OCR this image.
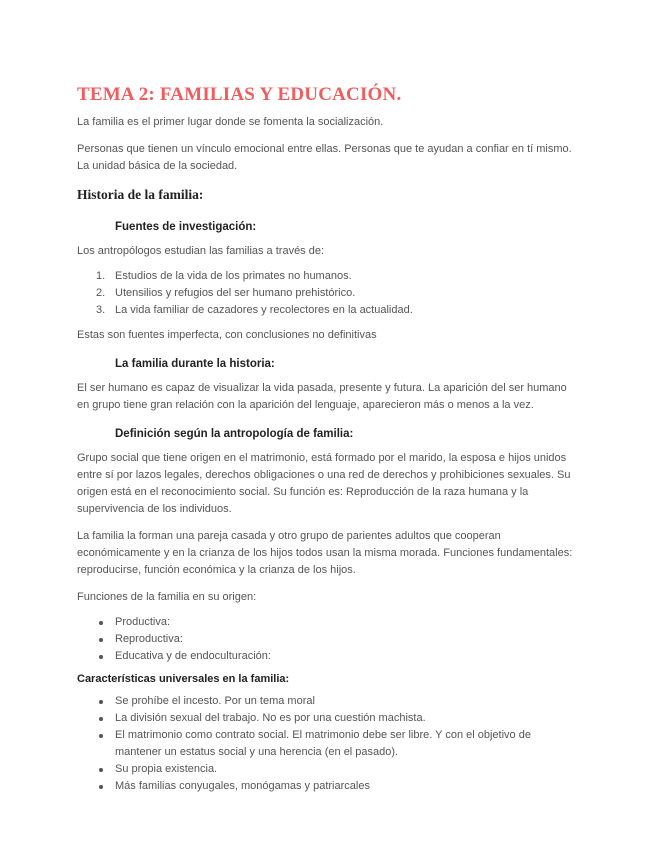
TEMA 2: FAMILIAS Y EDUCACIÓN.

La familia es el primer lugar donde se fomenta la socialización.

Personas que tienen un vínculo emocional entre ellas. Personas que te ayudan a confiar en tí mismo. La unidad básica de la sociedad.

Historia de la familia:
Fuentes de investigación:

Los antropólogos estudian las familias a través de:

1. Estudios de la vida de los primates no humanos.
2. Utensilios y refugios del ser humano prehistórico.
3. La vida familiar de cazadores y recolectores en la actualidad.

Estas son fuentes imperfecta, con conclusiones no definitivas

La familia durante la historia:

El ser humano es capaz de visualizar la vida pasada, presente y futura. La aparición del ser humano en grupo tiene gran relación con la aparición del lenguaje, aparecieron más o menos a la vez.

Definición según la antropología de familia:

Grupo social que tiene origen en el matrimonio, está formado por el marido, la esposa e hijos unidos entre sí por lazos legales, derechos obligaciones o una red de derechos y prohibiciones sexuales. Su origen está en el reconocimiento social. Su función es: Reproducción de la raza humana y la supervivencia de los individuos.

La familia la forman una pareja casada y otro grupo de parientes adultos que cooperan económicamente y en la crianza de los hijos todos usan la misma morada. Funciones fundamentales: reproducirse, función económica y la crianza de los hijos.

Funciones de la familia en su origen:

Productiva:
Reproductiva:
Educativa y de endoculturación:
Características universales en la familia:
Se prohíbe el incesto. Por un tema moral
La división sexual del trabajo. No es por una cuestión machista.
El matrimonio como contrato social. El matrimonio debe ser libre. Y con el objetivo de mantener un estatus social y una herencia (en el pasado).
Su propia existencia.
Más familias conyugales, monógamas y patriarcales
